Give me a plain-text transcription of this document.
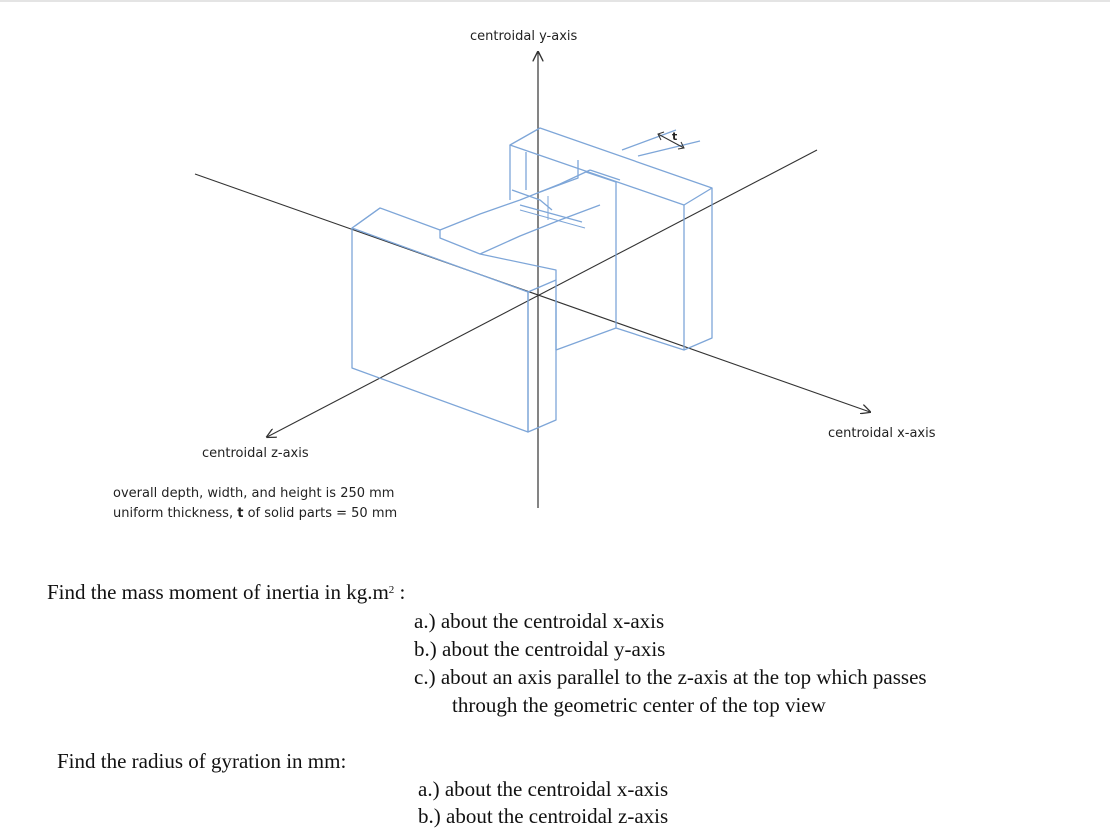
t
centroidal y-axis
centroidal x-axis
centroidal z-axis
overall depth, width, and height is 250 mm
uniform thickness, t of solid parts = 50 mm
Find the mass moment of inertia in $kg.m^2$ :
a.) about the centroidal x-axis
b.) about the centroidal y-axis
c.) about an axis parallel to the z-axis at the top which passes
through the geometric center of the top view
Find the radius of gyration in mm:
a.) about the centroidal x-axis
b.) about the centroidal z-axis
